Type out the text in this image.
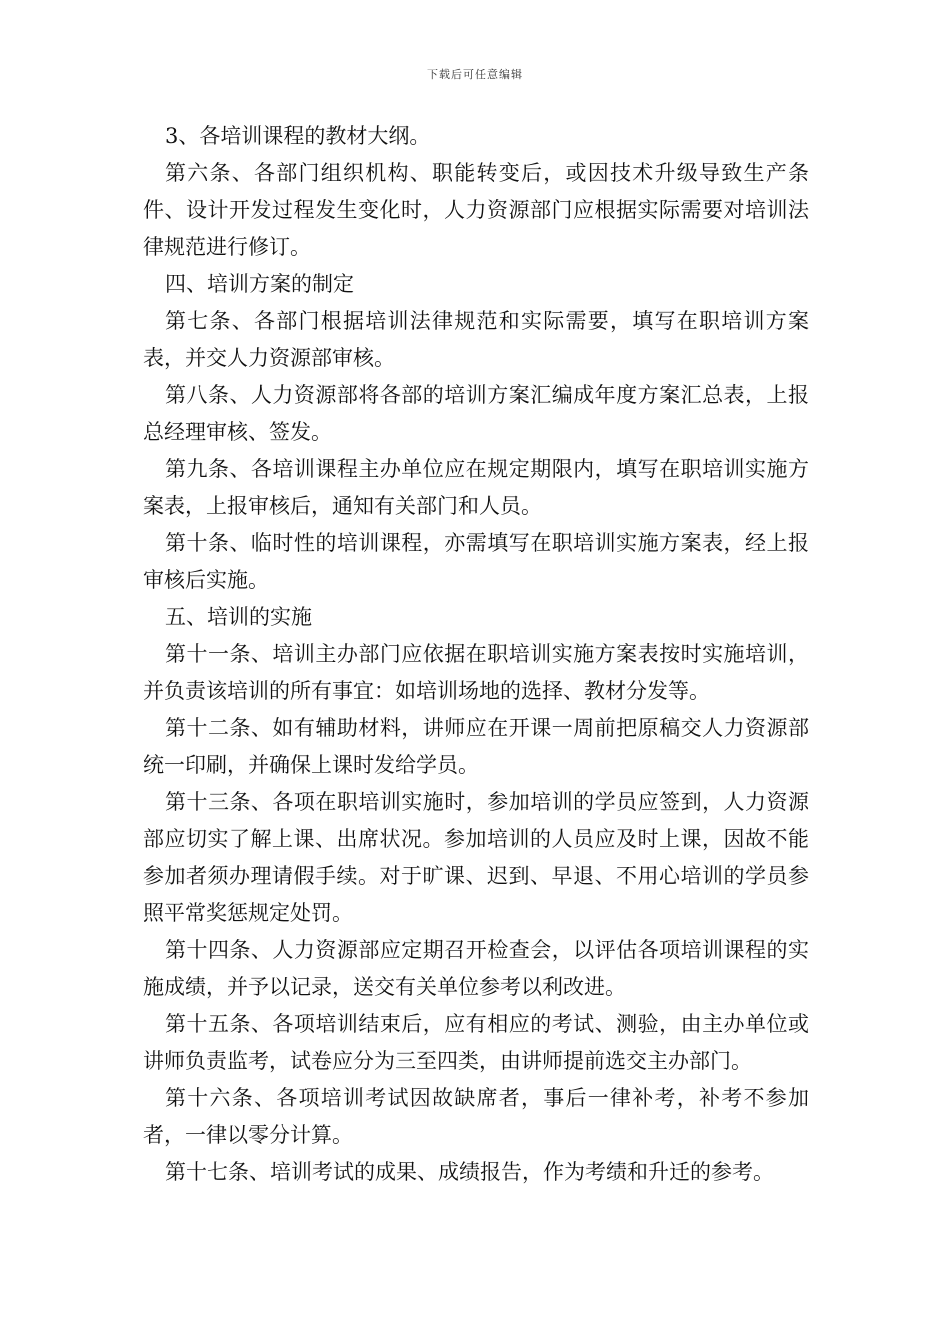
下载后可任意编辑

3、各培训课程的教材大纲。

第六条、各部门组织机构、职能转变后，或因技术升级导致生产条件、设计开发过程发生变化时，人力资源部门应根据实际需要对培训法律规范进行修订。

四、培训方案的制定

第七条、各部门根据培训法律规范和实际需要，填写在职培训方案表，并交人力资源部审核。

第八条、人力资源部将各部的培训方案汇编成年度方案汇总表，上报总经理审核、签发。

第九条、各培训课程主办单位应在规定期限内，填写在职培训实施方案表，上报审核后，通知有关部门和人员。

第十条、临时性的培训课程，亦需填写在职培训实施方案表，经上报审核后实施。

五、培训的实施

第十一条、培训主办部门应依据在职培训实施方案表按时实施培训，并负责该培训的所有事宜：如培训场地的选择、教材分发等。

第十二条、如有辅助材料，讲师应在开课一周前把原稿交人力资源部统一印刷，并确保上课时发给学员。

第十三条、各项在职培训实施时，参加培训的学员应签到，人力资源部应切实了解上课、出席状况。参加培训的人员应及时上课，因故不能参加者须办理请假手续。对于旷课、迟到、早退、不用心培训的学员参照平常奖惩规定处罚。

第十四条、人力资源部应定期召开检查会，以评估各项培训课程的实施成绩，并予以记录，送交有关单位参考以利改进。

第十五条、各项培训结束后，应有相应的考试、测验，由主办单位或讲师负责监考，试卷应分为三至四类，由讲师提前选交主办部门。

第十六条、各项培训考试因故缺席者，事后一律补考，补考不参加者，一律以零分计算。

第十七条、培训考试的成果、成绩报告，作为考绩和升迁的参考。
